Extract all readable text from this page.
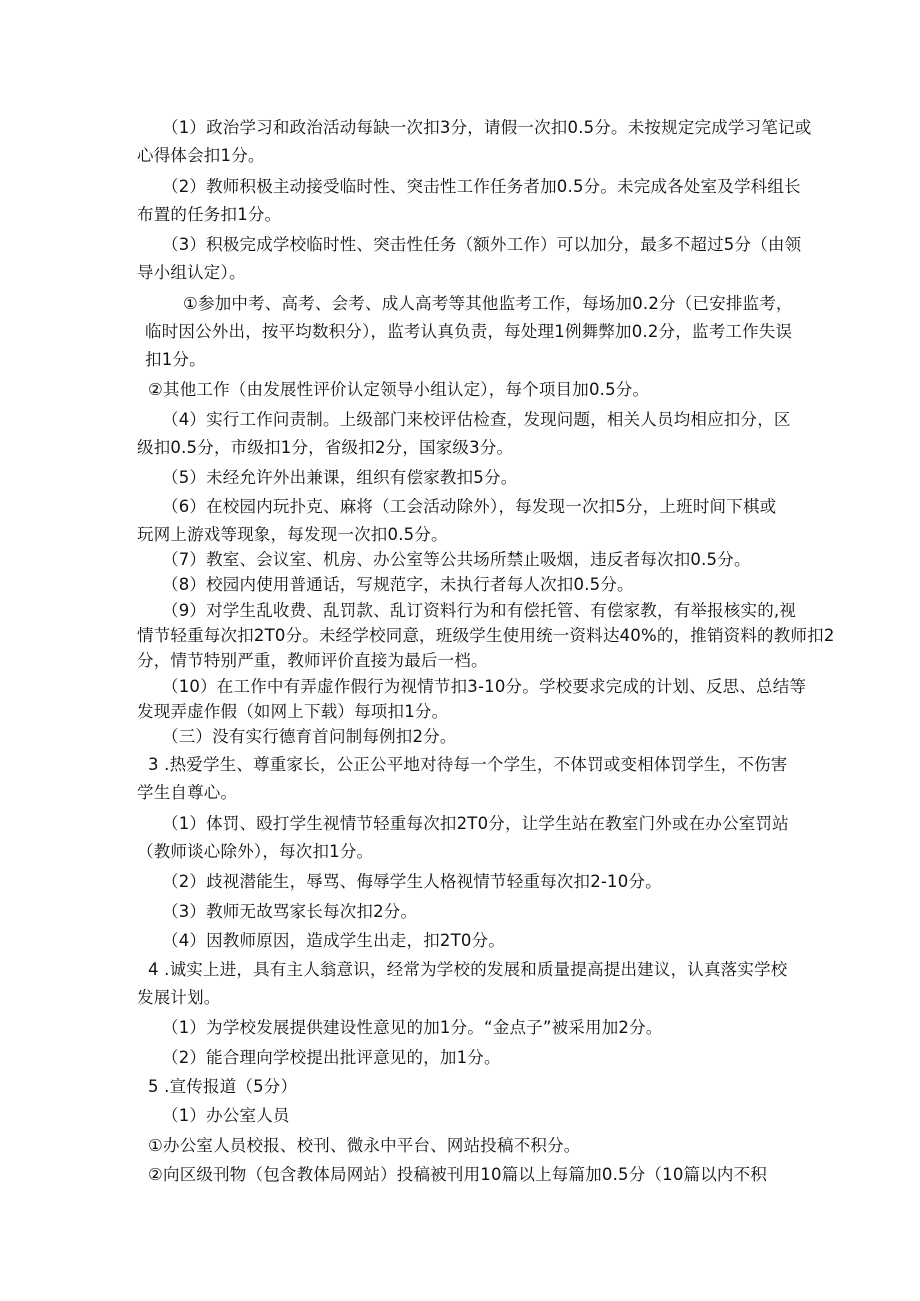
（1）政治学习和政治活动每缺一次扣3分，请假一次扣0.5分。未按规定完成学习笔记或
心得体会扣1分。
（2）教师积极主动接受临时性、突击性工作任务者加0.5分。未完成各处室及学科组长
布置的任务扣1分。
（3）积极完成学校临时性、突击性任务（额外工作）可以加分，最多不超过5分（由领
导小组认定）。
①参加中考、高考、会考、成人高考等其他监考工作，每场加0.2分（已安排监考，
临时因公外出，按平均数积分），监考认真负责，每处理1例舞弊加0.2分，监考工作失误
扣1分。
②其他工作（由发展性评价认定领导小组认定），每个项目加0.5分。
（4）实行工作问责制。上级部门来校评估检查，发现问题，相关人员均相应扣分，区
级扣0.5分，市级扣1分，省级扣2分，国家级3分。
（5）未经允许外出兼课，组织有偿家教扣5分。
（6）在校园内玩扑克、麻将（工会活动除外），每发现一次扣5分，上班时间下棋或
玩网上游戏等现象，每发现一次扣0.5分。
（7）教室、会议室、机房、办公室等公共场所禁止吸烟，违反者每次扣0.5分。
（8）校园内使用普通话，写规范字，未执行者每人次扣0.5分。
（9）对学生乱收费、乱罚款、乱订资料行为和有偿托管、有偿家教，有举报核实的,视
情节轻重每次扣2T0分。未经学校同意，班级学生使用统一资料达40%的，推销资料的教师扣2
分，情节特别严重，教师评价直接为最后一档。
（10）在工作中有弄虚作假行为视情节扣3-10分。学校要求完成的计划、反思、总结等
发现弄虚作假（如网上下载）每项扣1分。
（三）没有实行德育首问制每例扣2分。
3 .热爱学生、尊重家长，公正公平地对待每一个学生，不体罚或变相体罚学生，不伤害
学生自尊心。
（1）体罚、殴打学生视情节轻重每次扣2T0分，让学生站在教室门外或在办公室罚站
（教师谈心除外），每次扣1分。
（2）歧视潜能生，辱骂、侮辱学生人格视情节轻重每次扣2-10分。
（3）教师无故骂家长每次扣2分。
（4）因教师原因，造成学生出走，扣2T0分。
4 .诚实上进，具有主人翁意识，经常为学校的发展和质量提高提出建议，认真落实学校
发展计划。
（1）为学校发展提供建设性意见的加1分。“金点子”被采用加2分。
（2）能合理向学校提出批评意见的，加1分。
5 .宣传报道（5分）
（1）办公室人员
①办公室人员校报、校刊、微永中平台、网站投稿不积分。
②向区级刊物（包含教体局网站）投稿被刊用10篇以上每篇加0.5分（10篇以内不积
